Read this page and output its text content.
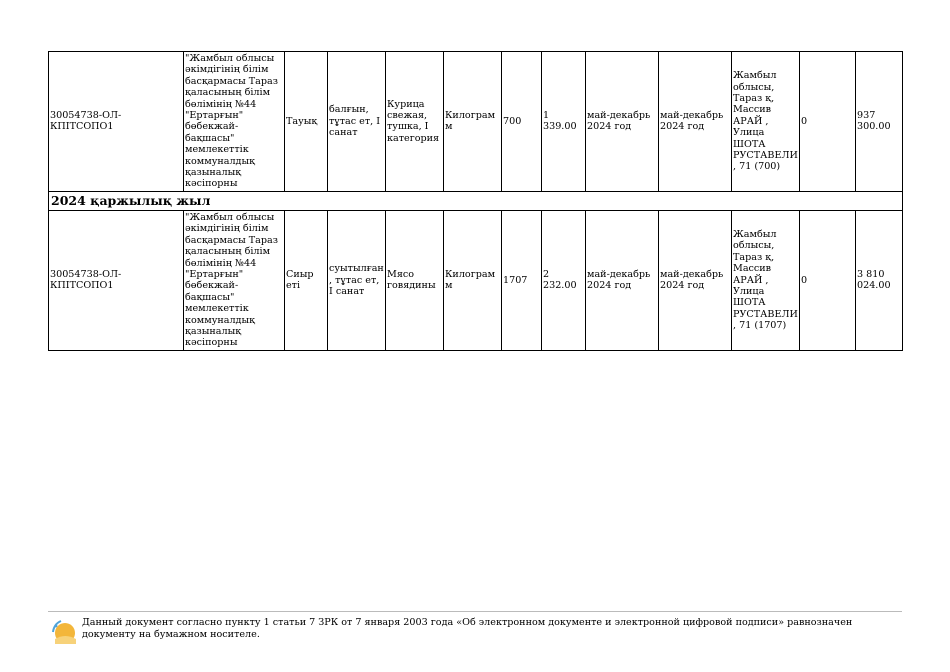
30054738-ОЛ-КПІТСОПО1	"Жамбыл облысы әкімдігінің білім басқармасы Тараз қаласының білім бөлімінің №44 "Ертарғын" бөбекжай-бақшасы" мемлекеттік коммуналдық қазыналық кәсіпорны	Тауық	балғын, тұтас ет, I санат	Курица свежая, тушка, I категория	Килограмм	700	1 339.00	май-декабрь 2024 год	май-декабрь 2024 год	Жамбыл облысы, Тараз қ, Массив АРАЙ , Улица ШОТА РУСТАВЕЛИ, 71 (700)	0	937 300.00
2024 қаржылық жыл												
30054738-ОЛ-КПІТСОПО1	"Жамбыл облысы әкімдігінің білім басқармасы Тараз қаласының білім бөлімінің №44 "Ертарғын" бөбекжай-бақшасы" мемлекеттік коммуналдық қазыналық кәсіпорны	Сиыр еті	суытылған, тұтас ет, I санат	Мясо говядины	Килограмм	1707	2 232.00	май-декабрь 2024 год	май-декабрь 2024 год	Жамбыл облысы, Тараз қ, Массив АРАЙ , Улица ШОТА РУСТАВЕЛИ, 71 (1707)	0	3 810 024.00
Данный документ согласно пункту 1 статьи 7 ЗРК от 7 января 2003 года «Об электронном документе и электронной цифровой подписи» равнозначен документу на бумажном носителе.
